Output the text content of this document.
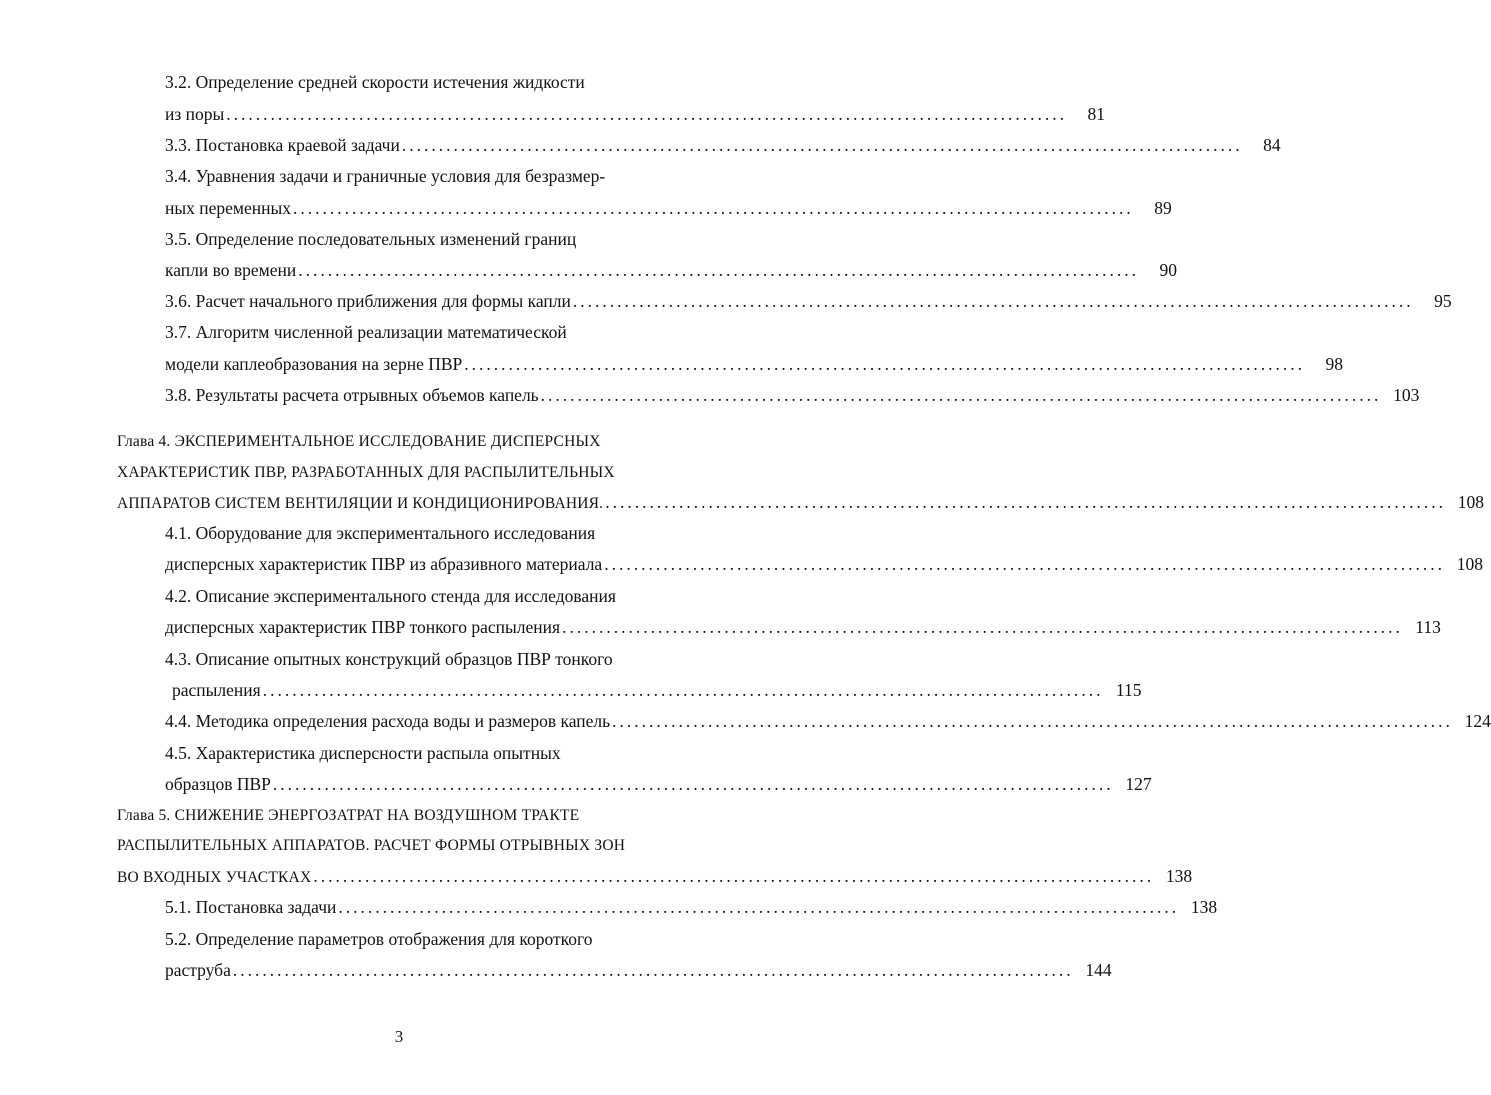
3.2. Определение средней скорости истечения жидкости
из поры ..................................................................................................................	81
3.3. Постановка краевой задачи ..................................................................................................................	84
3.4. Уравнения задачи и граничные условия для безразмер-
ных переменных ..................................................................................................................	89
3.5. Определение последовательных изменений границ
капли во времени ..................................................................................................................	90
3.6. Расчет начального приближения для формы капли ..................................................................................................................	95
3.7. Алгоритм численной реализации математической
модели каплеобразования на зерне ПВР ..................................................................................................................	98
3.8. Результаты расчета отрывных объемов капель .................................................................................................................. 103
Глава 4. ЭКСПЕРИМЕНТАЛЬНОЕ ИССЛЕДОВАНИЕ ДИСПЕРСНЫХ
ХАРАКТЕРИСТИК ПВР, РАЗРАБОТАННЫХ ДЛЯ РАСПЫЛИТЕЛЬНЫХ
АППАРАТОВ СИСТЕМ ВЕНТИЛЯЦИИ И КОНДИЦИОНИРОВАНИЯ. .................................................................................................................. 108
4.1. Оборудование для экспериментального исследования
дисперсных характеристик ПВР из абразивного материала .................................................................................................................. 108
4.2. Описание экспериментального стенда для исследования
дисперсных характеристик ПВР тонкого распыления .................................................................................................................. 113
4.3. Описание опытных конструкций образцов ПВР тонкого
распыления .................................................................................................................. 115
4.4. Методика определения расхода воды и размеров капель .................................................................................................................. 124
4.5. Характеристика дисперсности распыла опытных
образцов ПВР .................................................................................................................. 127
Глава 5. СНИЖЕНИЕ ЭНЕРГОЗАТРАТ НА ВОЗДУШНОМ ТРАКТЕ
РАСПЫЛИТЕЛЬНЫХ АППАРАТОВ. РАСЧЕТ ФОРМЫ ОТРЫВНЫХ ЗОН
ВО ВХОДНЫХ УЧАСТКАХ .................................................................................................................. 138
5.1. Постановка задачи .................................................................................................................. 138
5.2. Определение параметров отображения для короткого
раструба .................................................................................................................. 144
3
